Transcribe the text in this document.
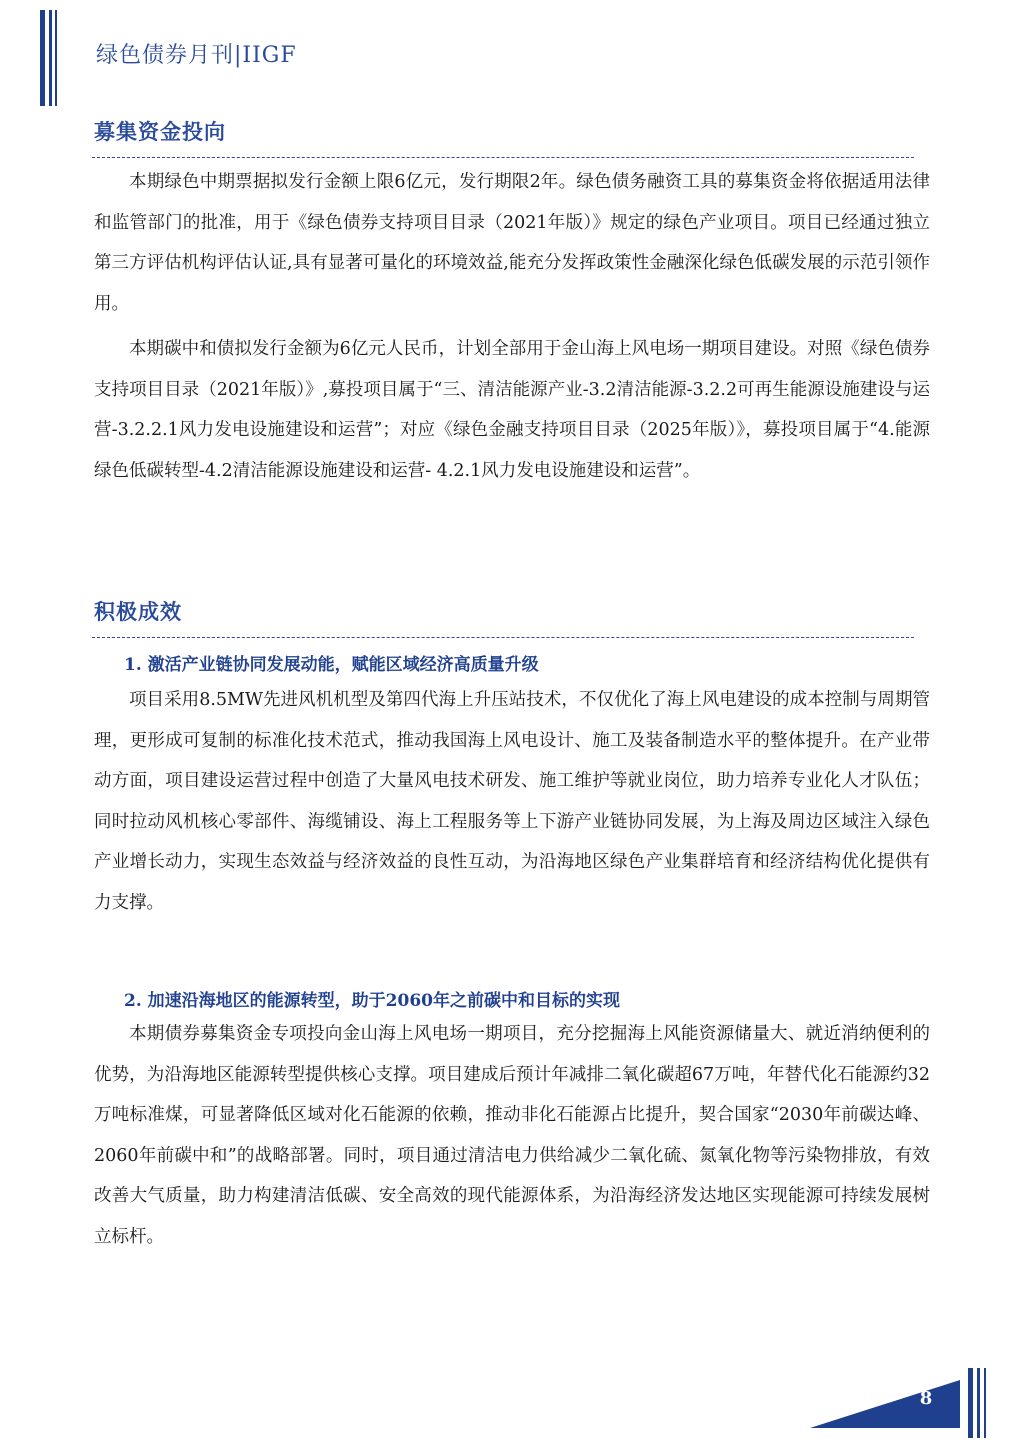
绿色债券月刊|IIGF
募集资金投向

本期绿色中期票据拟发行金额上限6亿元，发行期限2年。绿色债务融资工具的募集资金将依据适用法律和监管部门的批准，用于《绿色债券支持项目目录（2021年版）》规定的绿色产业项目。项目已经通过独立第三方评估机构评估认证,具有显著可量化的环境效益,能充分发挥政策性金融深化绿色低碳发展的示范引领作用。

本期碳中和债拟发行金额为6亿元人民币，计划全部用于金山海上风电场一期项目建设。对照《绿色债券支持项目目录（2021年版）》,募投项目属于“三、清洁能源产业-3.2清洁能源-3.2.2可再生能源设施建设与运营-3.2.2.1风力发电设施建设和运营”；对应《绿色金融支持项目目录（2025年版）》，募投项目属于“4.能源绿色低碳转型-4.2清洁能源设施建设和运营- 4.2.1风力发电设施建设和运营”。

积极成效
1. 激活产业链协同发展动能，赋能区域经济高质量升级

项目采用8.5MW先进风机机型及第四代海上升压站技术，不仅优化了海上风电建设的成本控制与周期管理，更形成可复制的标准化技术范式，推动我国海上风电设计、施工及装备制造水平的整体提升。在产业带动方面，项目建设运营过程中创造了大量风电技术研发、施工维护等就业岗位，助力培养专业化人才队伍；同时拉动风机核心零部件、海缆铺设、海上工程服务等上下游产业链协同发展，为上海及周边区域注入绿色产业增长动力，实现生态效益与经济效益的良性互动，为沿海地区绿色产业集群培育和经济结构优化提供有力支撑。

2. 加速沿海地区的能源转型，助于2060年之前碳中和目标的实现

本期债券募集资金专项投向金山海上风电场一期项目，充分挖掘海上风能资源储量大、就近消纳便利的优势，为沿海地区能源转型提供核心支撑。项目建成后预计年减排二氧化碳超67万吨，年替代化石能源约32万吨标准煤，可显著降低区域对化石能源的依赖，推动非化石能源占比提升，契合国家“2030年前碳达峰、2060年前碳中和”的战略部署。同时，项目通过清洁电力供给减少二氧化硫、氮氧化物等污染物排放，有效改善大气质量，助力构建清洁低碳、安全高效的现代能源体系，为沿海经济发达地区实现能源可持续发展树立标杆。

8
